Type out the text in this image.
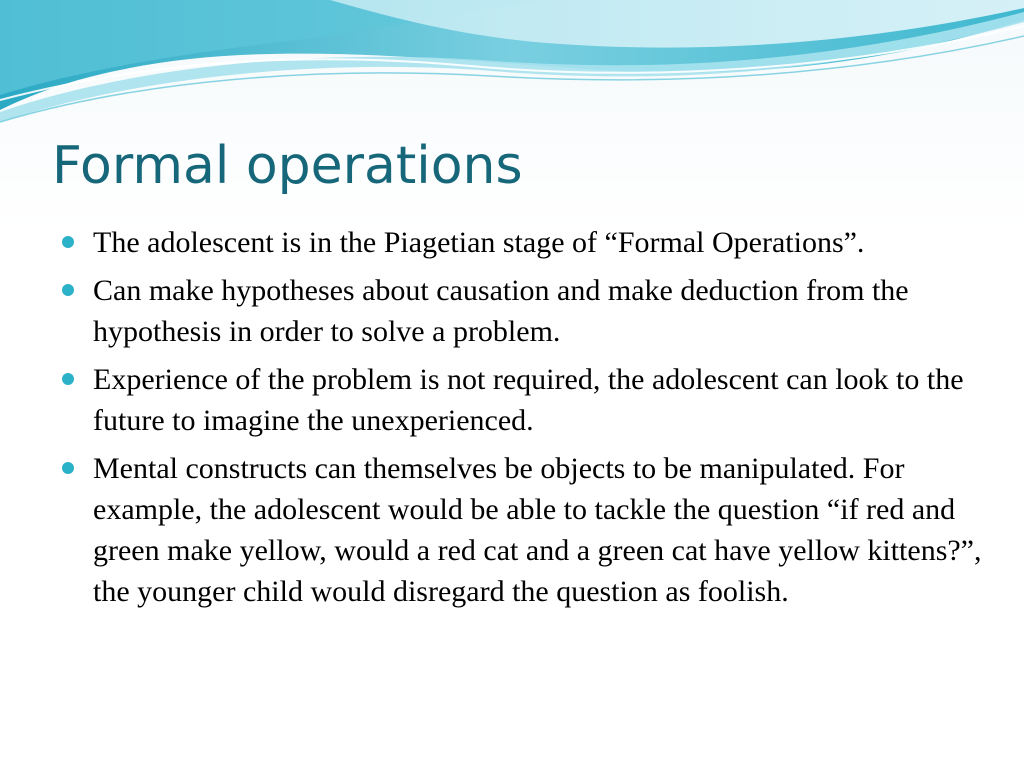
Formal operations
The adolescent is in the Piagetian stage of “Formal Operations”.
Can make hypotheses about causation and make deduction from the hypothesis in order to solve a problem.
Experience of the problem is not required, the adolescent can look to the future to imagine the unexperienced.
Mental constructs can themselves be objects to be manipulated. For example, the adolescent would be able to tackle the question “if red and green make yellow, would a red cat and a green cat have yellow kittens?”, the younger child would disregard the question as foolish.
